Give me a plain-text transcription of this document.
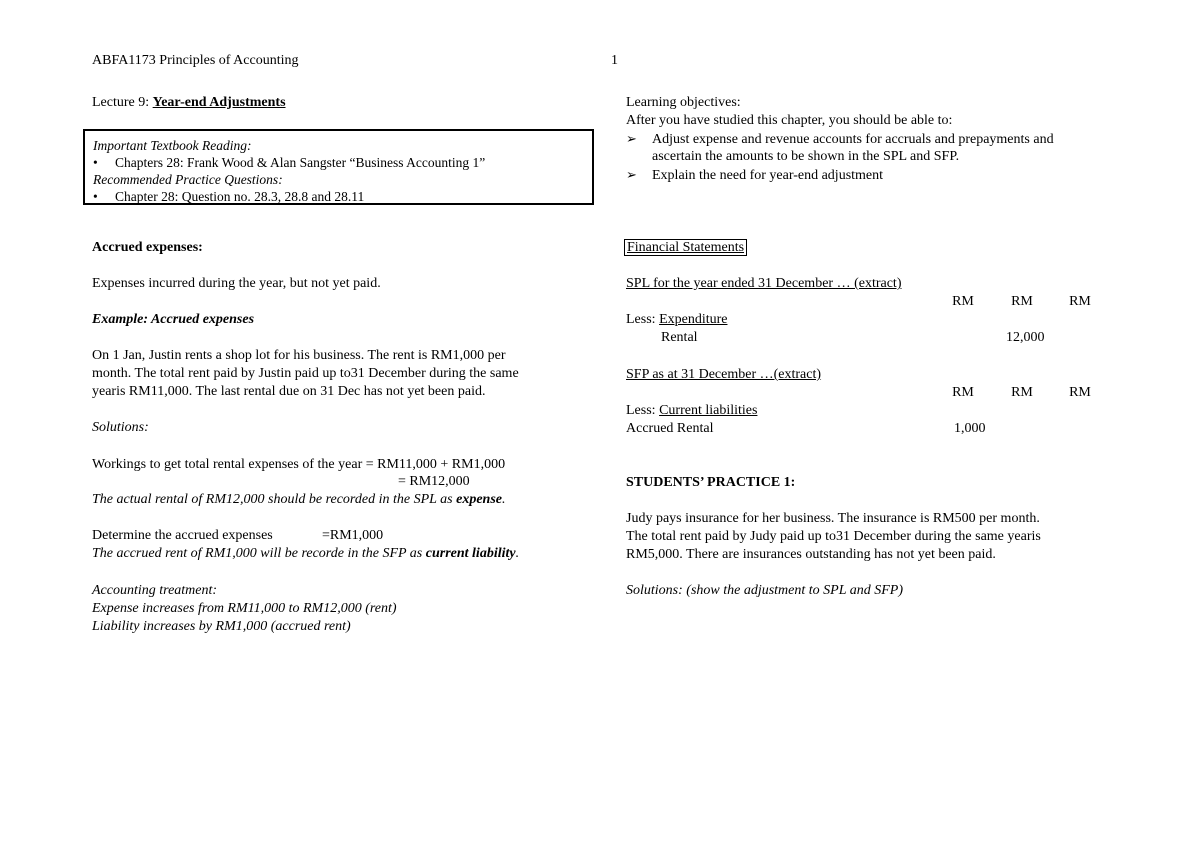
ABFA1173 Principles of Accounting	1
Lecture 9: Year-end Adjustments
Important Textbook Reading:
• Chapters 28: Frank Wood & Alan Sangster “Business Accounting 1”
Recommended Practice Questions:
• Chapter 28: Question no. 28.3, 28.8 and 28.11
Accrued expenses:
Expenses incurred during the year, but not yet paid.
Example: Accrued expenses
On 1 Jan, Justin rents a shop lot for his business. The rent is RM1,000 per
month. The total rent paid by Justin paid up to31 December during the same
yearis RM11,000. The last rental due on 31 Dec has not yet been paid.
Solutions:
Workings to get total rental expenses of the year = RM11,000 + RM1,000
= RM12,000
The actual rental of RM12,000 should be recorded in the SPL as expense.
Determine the accrued expenses	=RM1,000
The accrued rent of RM1,000 will be recorde in the SFP as current liability.
Accounting treatment:
Expense increases from RM11,000 to RM12,000 (rent)
Liability increases by RM1,000 (accrued rent)
Learning objectives:
After you have studied this chapter, you should be able to:
➢ Adjust expense and revenue accounts for accruals and prepayments and
ascertain the amounts to be shown in the SPL and SFP.
➢ Explain the need for year-end adjustment
Financial Statements
SPL for the year ended 31 December … (extract)
RM	RM	RM
Less: Expenditure
Rental	12,000
SFP as at 31 December …(extract)
RM	RM	RM
Less: Current liabilities
Accrued Rental	1,000
STUDENTS’ PRACTICE 1:
Judy pays insurance for her business. The insurance is RM500 per month.
The total rent paid by Judy paid up to31 December during the same yearis
RM5,000. There are insurances outstanding has not yet been paid.
Solutions: (show the adjustment to SPL and SFP)
